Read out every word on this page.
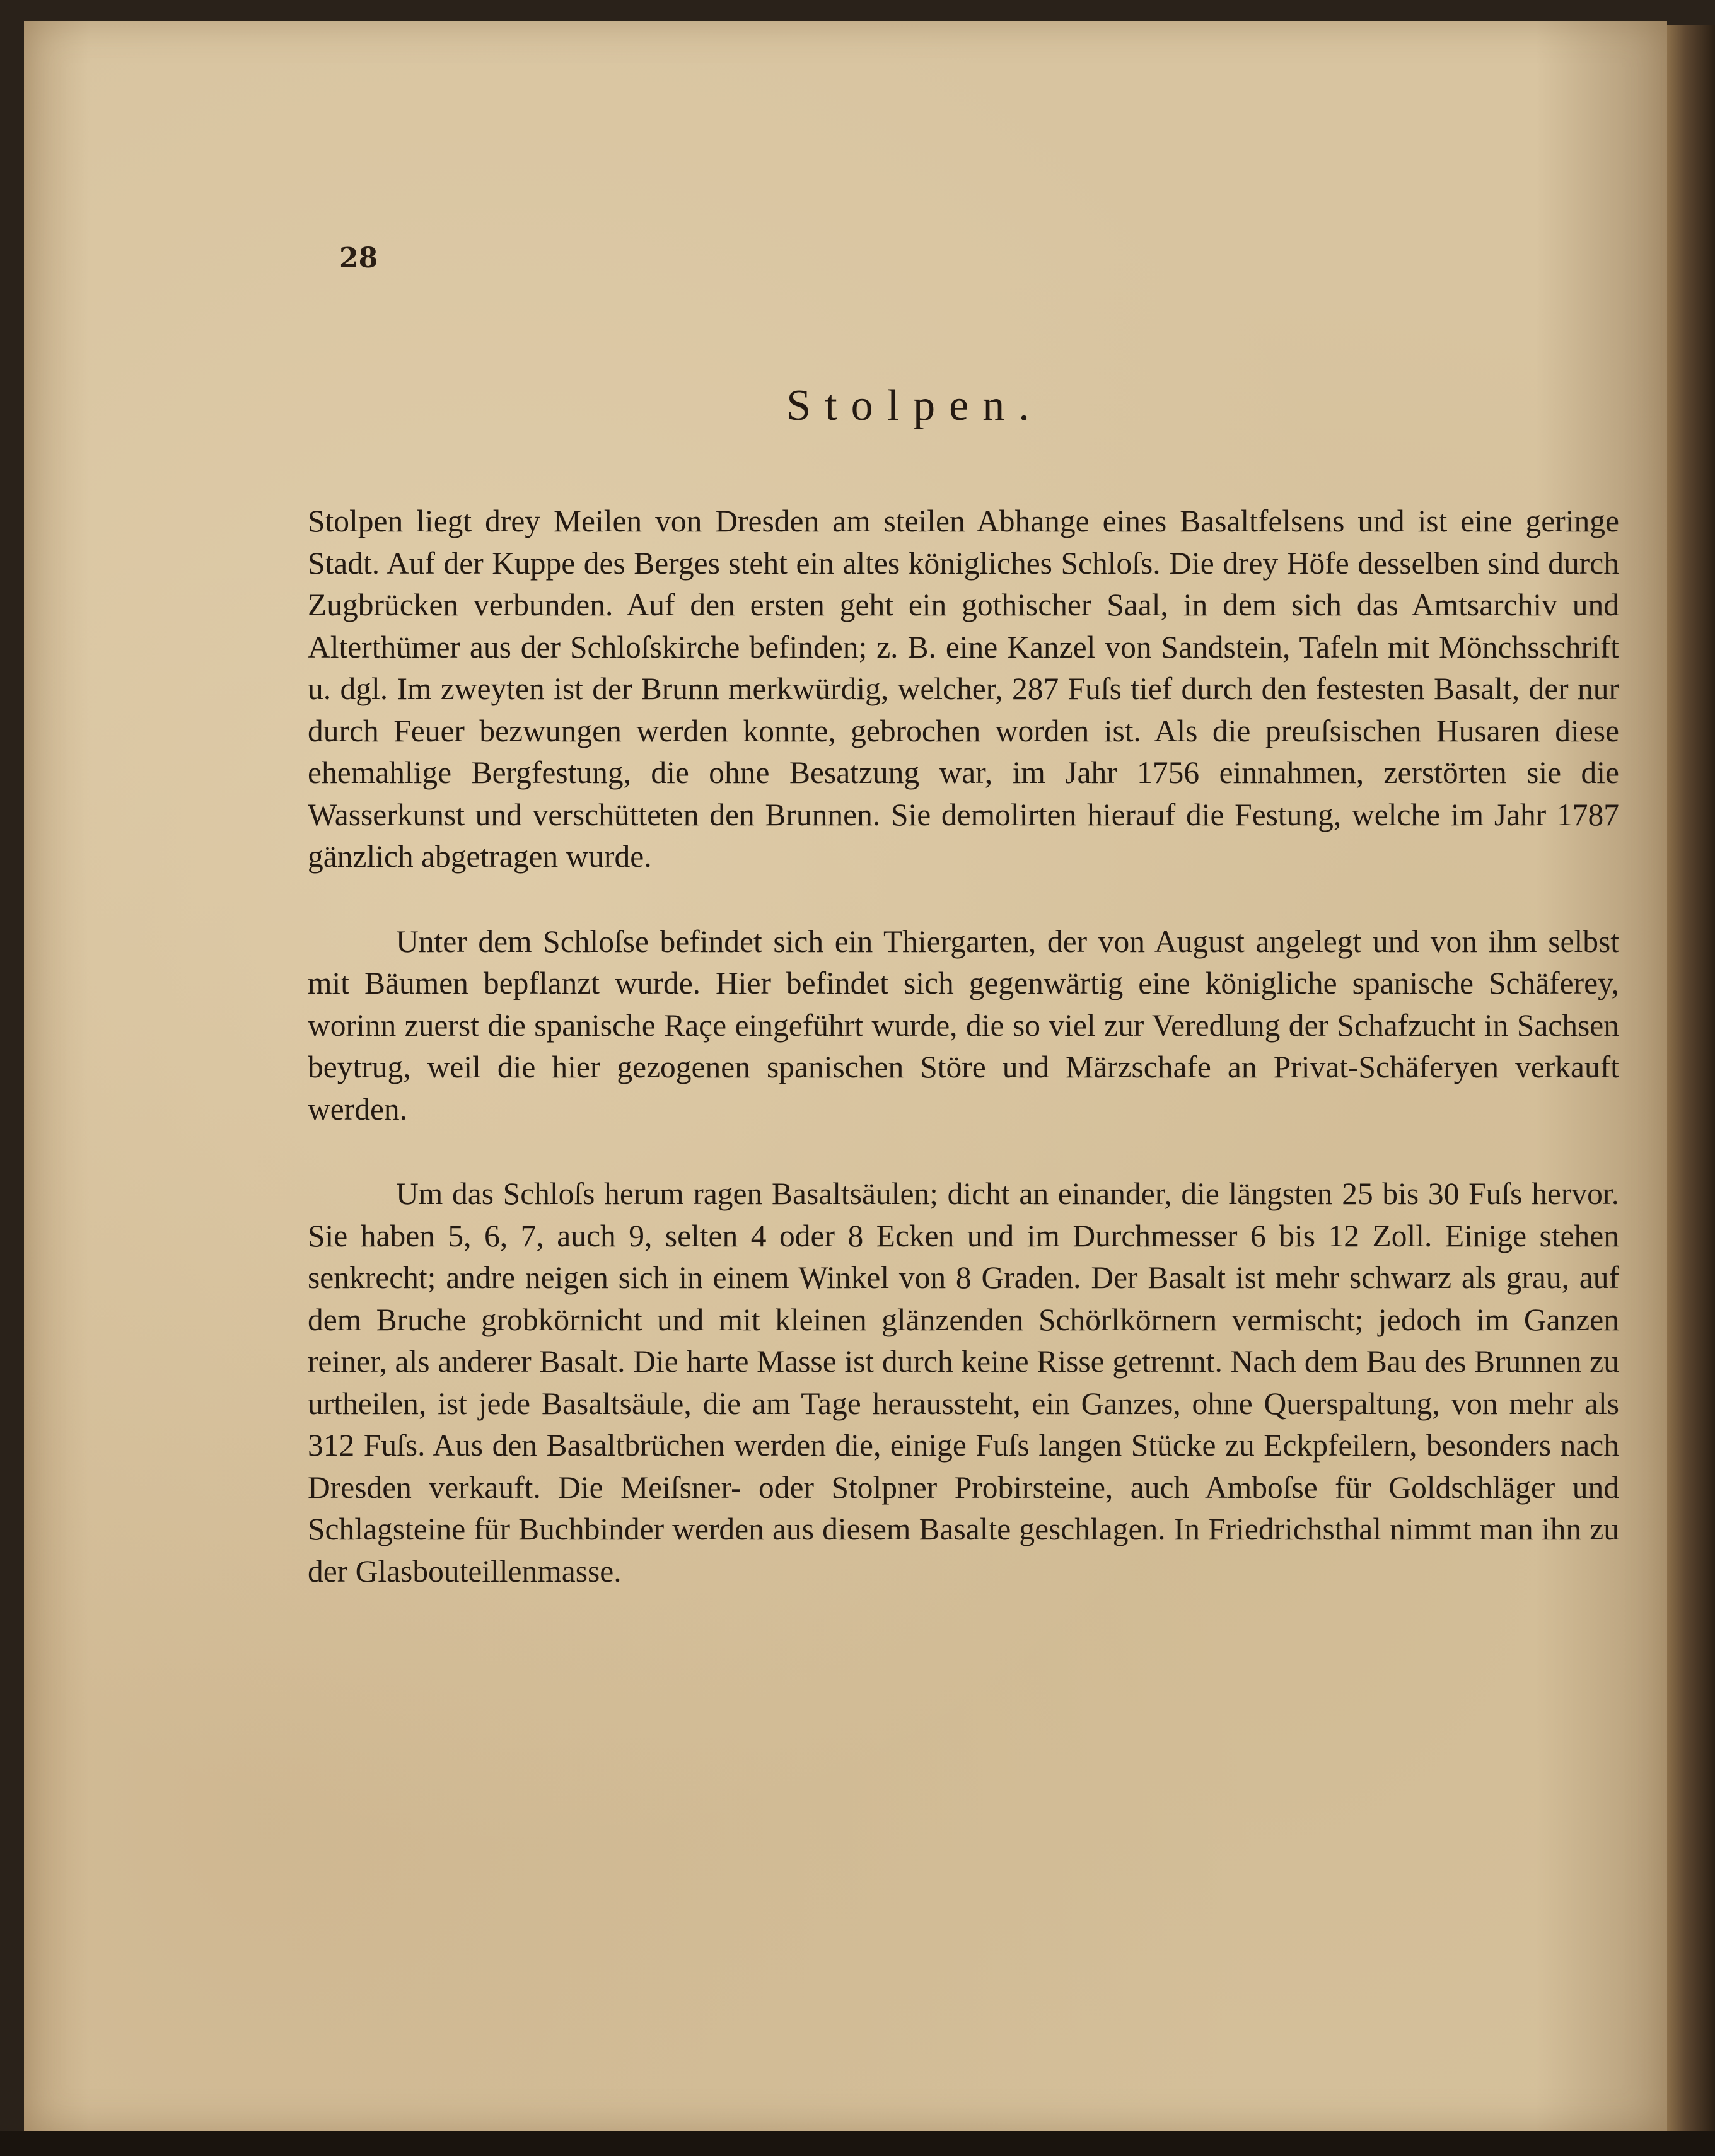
28
Stolpen.

Stolpen liegt drey Meilen von Dresden am steilen Abhange eines Basaltfelsens und ist eine geringe Stadt. Auf der Kuppe des Berges steht ein altes königliches Schloſs. Die drey Höfe desselben sind durch Zugbrücken verbunden. Auf den ersten geht ein gothischer Saal, in dem sich das Amtsarchiv und Alterthümer aus der Schloſskirche befinden; z. B. eine Kanzel von Sandstein, Tafeln mit Mönchsschrift u. dgl. Im zweyten ist der Brunn merkwürdig, welcher, 287 Fuſs tief durch den festesten Basalt, der nur durch Feuer bezwungen werden konnte, gebrochen worden ist. Als die preuſsischen Husaren diese ehemahlige Bergfestung, die ohne Besatzung war, im Jahr 1756 einnahmen, zerstörten sie die Wasserkunst und verschütteten den Brunnen. Sie demolirten hierauf die Festung, welche im Jahr 1787 gänzlich abgetragen wurde.

Unter dem Schloſse befindet sich ein Thiergarten, der von August angelegt und von ihm selbst mit Bäumen bepflanzt wurde. Hier befindet sich gegenwärtig eine königliche spanische Schäferey, worinn zuerst die spanische Raçe eingeführt wurde, die so viel zur Veredlung der Schafzucht in Sachsen beytrug, weil die hier gezogenen spanischen Störe und Märzschafe an Privat-Schäferyen verkauft werden.

Um das Schloſs herum ragen Basaltsäulen; dicht an einander, die längsten 25 bis 30 Fuſs hervor. Sie haben 5, 6, 7, auch 9, selten 4 oder 8 Ecken und im Durchmesser 6 bis 12 Zoll. Einige stehen senkrecht; andre neigen sich in einem Winkel von 8 Graden. Der Basalt ist mehr schwarz als grau, auf dem Bruche grobkörnicht und mit kleinen glänzenden Schörlkörnern vermischt; jedoch im Ganzen reiner, als anderer Basalt. Die harte Masse ist durch keine Risse getrennt. Nach dem Bau des Brunnen zu urtheilen, ist jede Basaltsäule, die am Tage heraussteht, ein Ganzes, ohne Querspaltung, von mehr als 312 Fuſs. Aus den Basaltbrüchen werden die, einige Fuſs langen Stücke zu Eckpfeilern, besonders nach Dresden verkauft. Die Meiſsner- oder Stolpner Probirsteine, auch Amboſse für Goldschläger und Schlagsteine für Buchbinder werden aus diesem Basalte geschlagen. In Friedrichsthal nimmt man ihn zu der Glasbouteillenmasse.
